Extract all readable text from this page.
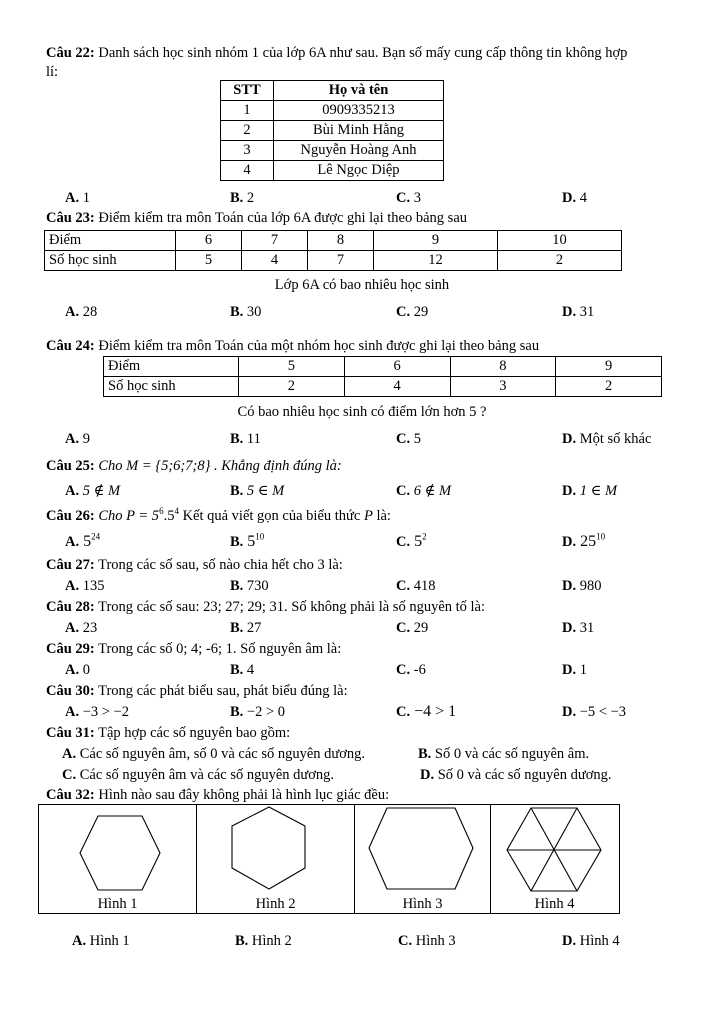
Câu 22: Danh sách học sinh nhóm 1 của lớp 6A như sau. Bạn số mấy cung cấp thông tin không hợp
lí:
STT	Họ và tên
1	0909335213
2	Bùi Minh Hằng
3	Nguyễn Hoàng Anh
4	Lê Ngọc Diệp
A. 1	B. 2	C. 3	D. 4
Câu 23: Điểm kiểm tra môn Toán của lớp 6A được ghi lại theo bảng sau
Điểm	6	7	8	9	10
Số học sinh	5	4	7	12	2
Lớp 6A có bao nhiêu học sinh
A. 28	B. 30	C. 29	D. 31
Câu 24: Điểm kiểm tra môn Toán của một nhóm học sinh được ghi lại theo bảng sau
Điểm	5	6	8	9
Số học sinh	2	4	3	2
Có bao nhiêu học sinh có điểm lớn hơn 5 ?
A. 9	B. 11	C. 5	D. Một số khác
Câu 25: Cho M = {5;6;7;8} . Khẳng định đúng là:
A. 5 ∉ M	B. 5 ∈ M	C. 6 ∉ M	D. 1 ∈ M
Câu 26: Cho $P = 5^6.5^4$ Kết quả viết gọn của biểu thức P là:
A. $5^{24}$	B. $5^{10}$	C. $5^2$	D. $25^{10}$
Câu 27: Trong các số sau, số nào chia hết cho 3 là:
A. 135	B. 730	C. 418	D. 980
Câu 28: Trong các số sau: 23; 27; 29; 31. Số không phải là số nguyên tố là:
A. 23	B. 27	C. 29	D. 31
Câu 29: Trong các số 0; 4; -6; 1. Số nguyên âm là:
A. 0	B. 4	C. -6	D. 1
Câu 30: Trong các phát biểu sau, phát biểu đúng là:
A. −3 > −2	B. −2 > 0	C. −4 > 1	D. −5 < −3
Câu 31: Tập hợp các số nguyên bao gồm:
A. Các số nguyên âm, số 0 và các số nguyên dương.	B. Số 0 và các số nguyên âm.
C. Các số nguyên âm và các số nguyên dương.	D. Số 0 và các số nguyên dương.
Câu 32: Hình nào sau đây không phải là hình lục giác đều:
Hình 1	Hình 2	Hình 3	Hình 4
A. Hình 1	B. Hình 2	C. Hình 3	D. Hình 4
